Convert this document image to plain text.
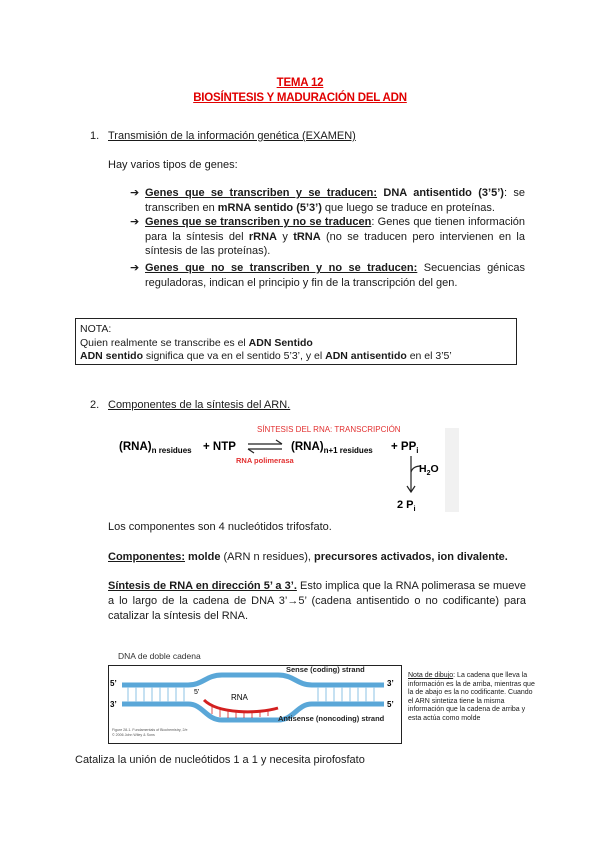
TEMA 12
BIOSÍNTESIS Y MADURACIÓN DEL ADN
1. Transmisión de la información genética (EXAMEN)
Hay varios tipos de genes:
➔ Genes que se transcriben y se traducen: DNA antisentido (3’5’): se transcriben en mRNA sentido (5’3’) que luego se traduce en proteínas.
➔ Genes que se transcriben y no se traducen: Genes que tienen información para la síntesis del rRNA y tRNA (no se traducen pero intervienen en la síntesis de las proteínas).
➔ Genes que no se transcriben y no se traducen: Secuencias génicas reguladoras, indican el principio y fin de la transcripción del gen.
NOTA:
Quien realmente se transcribe es el ADN Sentido
ADN sentido significa que va en el sentido 5’3’, y el ADN antisentido en el 3’5’
2. Componentes de la síntesis del ARN.
SÍNTESIS DEL RNA: TRANSCRIPCIÓN
$(RNA)_{n residues}$ + NTP
RNA polimerasa
$(RNA)_{n+1 residues} + PP_i$
$H_2O$
2 $P_i$
Los componentes son 4 nucleótidos trifosfato.
Componentes: molde (ARN n residues), precursores activados, ion divalente.
Síntesis de RNA en dirección 5’ a 3’. Esto implica que la RNA polimerasa se mueve a lo largo de la cadena de DNA 3’→5’ (cadena antisentido o no codificante) para catalizar la síntesis del RNA.
DNA de doble cadena
RNA
5’
5’
3’
3’
5’
Sense (coding) strand
Antisense (noncoding) strand
Figure 28-1. Fundamentals of Biochemistry, 2/e
© 2006 John Wiley & Sons
Nota de dibujo: La cadena que lleva la información es la de arriba, mientras que la de abajo es la no codificante. Cuando el ARN sintetiza tiene la misma información que la cadena de arriba y esta actúa como molde
Cataliza la unión de nucleótidos 1 a 1 y necesita pirofosfato
